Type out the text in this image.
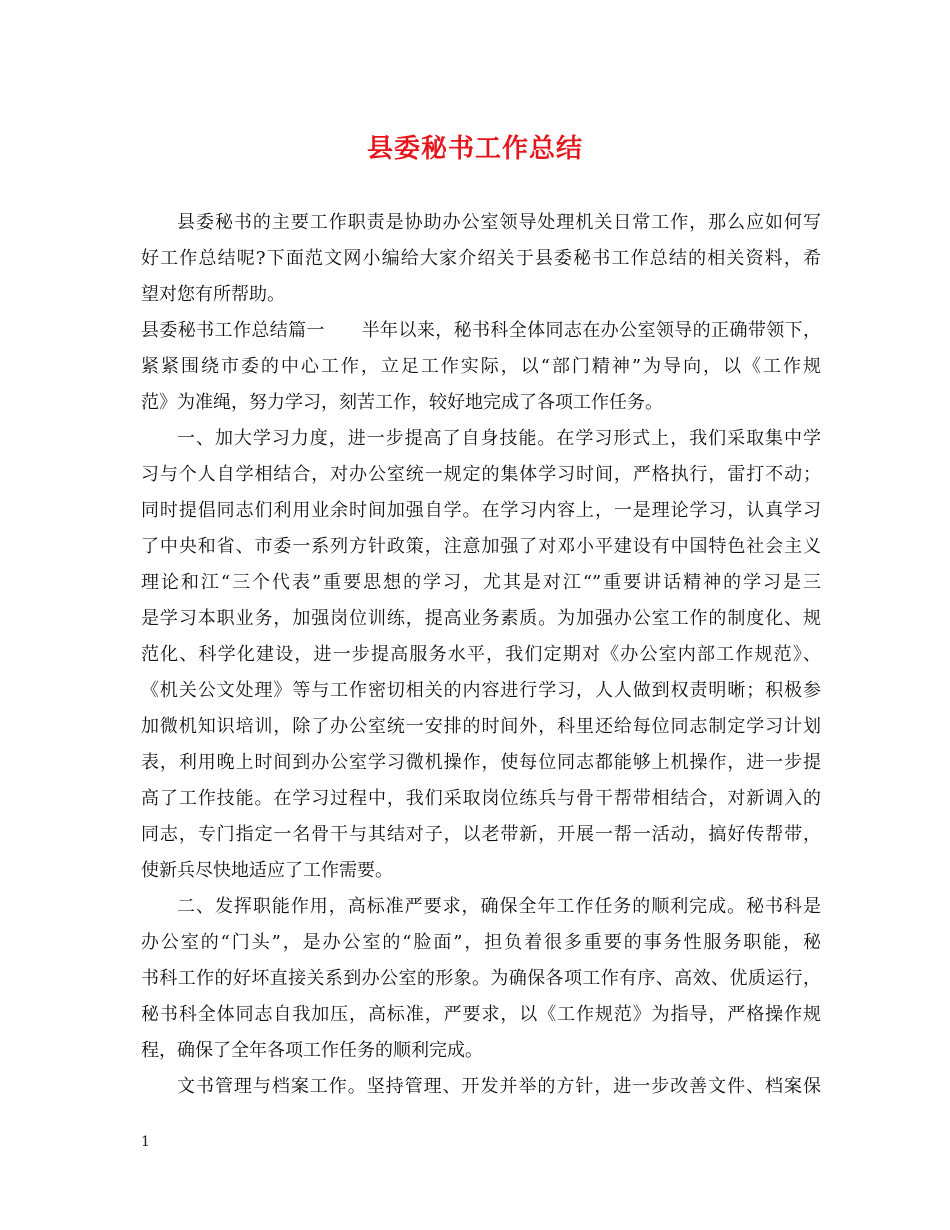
县委秘书工作总结
县委秘书的主要工作职责是协助办公室领导处理机关日常工作，那么应如何写
好工作总结呢?下面范文网小编给大家介绍关于县委秘书工作总结的相关资料，希
望对您有所帮助。
县委秘书工作总结篇一　　半年以来，秘书科全体同志在办公室领导的正确带领下，
紧紧围绕市委的中心工作，立足工作实际，以“部门精神”为导向，以《工作规
范》为准绳，努力学习，刻苦工作，较好地完成了各项工作任务。
一、加大学习力度，进一步提高了自身技能。在学习形式上，我们采取集中学
习与个人自学相结合，对办公室统一规定的集体学习时间，严格执行，雷打不动；
同时提倡同志们利用业余时间加强自学。在学习内容上，一是理论学习，认真学习
了中央和省、市委一系列方针政策，注意加强了对邓小平建设有中国特色社会主义
理论和江“三个代表”重要思想的学习，尤其是对江“”重要讲话精神的学习是三
是学习本职业务，加强岗位训练，提高业务素质。为加强办公室工作的制度化、规
范化、科学化建设，进一步提高服务水平，我们定期对《办公室内部工作规范》、
《机关公文处理》等与工作密切相关的内容进行学习，人人做到权责明晰；积极参
加微机知识培训，除了办公室统一安排的时间外，科里还给每位同志制定学习计划
表，利用晚上时间到办公室学习微机操作，使每位同志都能够上机操作，进一步提
高了工作技能。在学习过程中，我们采取岗位练兵与骨干帮带相结合，对新调入的
同志，专门指定一名骨干与其结对子，以老带新，开展一帮一活动，搞好传帮带，
使新兵尽快地适应了工作需要。
二、发挥职能作用，高标准严要求，确保全年工作任务的顺利完成。秘书科是
办公室的“门头”，是办公室的“脸面”，担负着很多重要的事务性服务职能，秘
书科工作的好坏直接关系到办公室的形象。为确保各项工作有序、高效、优质运行，
秘书科全体同志自我加压，高标准，严要求，以《工作规范》为指导，严格操作规
程，确保了全年各项工作任务的顺利完成。
文书管理与档案工作。坚持管理、开发并举的方针，进一步改善文件、档案保
1
